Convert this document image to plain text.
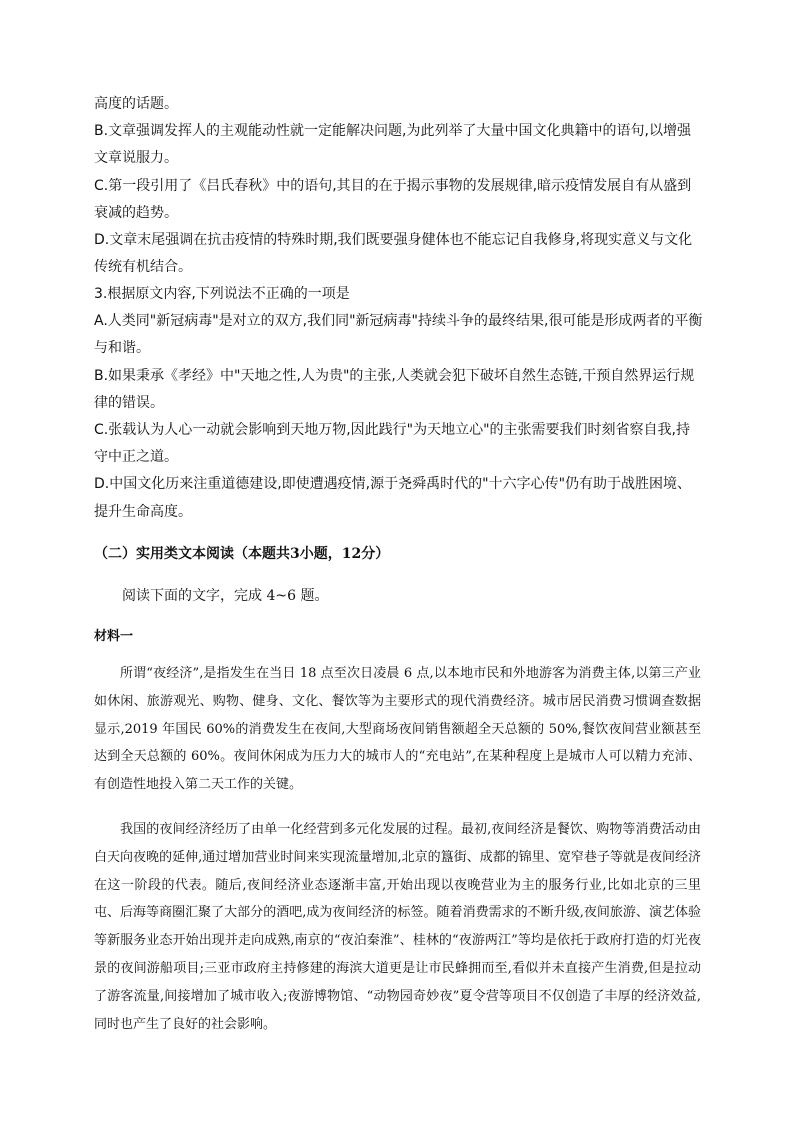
高度的话题。
B.文章强调发挥人的主观能动性就一定能解决问题,为此列举了大量中国文化典籍中的语句,以增强
文章说服力。
C.第一段引用了《吕氏春秋》中的语句,其目的在于揭示事物的发展规律,暗示疫情发展自有从盛到
衰减的趋势。
D.文章末尾强调在抗击疫情的特殊时期,我们既要强身健体也不能忘记自我修身,将现实意义与文化
传统有机结合。
3.根据原文内容,下列说法不正确的一项是
A.人类同"新冠病毒"是对立的双方,我们同"新冠病毒"持续斗争的最终结果,很可能是形成两者的平衡
与和谐。
B.如果秉承《孝经》中"天地之性,人为贵"的主张,人类就会犯下破坏自然生态链,干预自然界运行规
律的错误。
C.张载认为人心一动就会影响到天地万物,因此践行"为天地立心"的主张需要我们时刻省察自我,持
守中正之道。
D.中国文化历来注重道德建设,即使遭遇疫情,源于尧舜禹时代的"十六字心传"仍有助于战胜困境、
提升生命高度。

（二）实用类文本阅读（本题共3小题，12分）

阅读下面的文字，完成 4~6 题。

材料一

所谓“夜经济”,是指发生在当日 18 点至次日凌晨 6 点,以本地市民和外地游客为消费主体,以第三产业如休闲、旅游观光、购物、健身、文化、餐饮等为主要形式的现代消费经济。城市居民消费习惯调查数据显示,2019 年国民 60%的消费发生在夜间,大型商场夜间销售额超全天总额的 50%,餐饮夜间营业额甚至达到全天总额的 60%。夜间休闲成为压力大的城市人的“充电站”,在某种程度上是城市人可以精力充沛、有创造性地投入第二天工作的关键。
我国的夜间经济经历了由单一化经营到多元化发展的过程。最初,夜间经济是餐饮、购物等消费活动由白天向夜晚的延伸,通过增加营业时间来实现流量增加,北京的簋街、成都的锦里、宽窄巷子等就是夜间经济在这一阶段的代表。随后,夜间经济业态逐渐丰富,开始出现以夜晚营业为主的服务行业,比如北京的三里屯、后海等商圈汇聚了大部分的酒吧,成为夜间经济的标签。随着消费需求的不断升级,夜间旅游、演艺体验等新服务业态开始出现并走向成熟,南京的“夜泊秦淮”、桂林的“夜游两江”等均是依托于政府打造的灯光夜景的夜间游船项目;三亚市政府主持修建的海滨大道更是让市民蜂拥而至,看似并未直接产生消费,但是拉动了游客流量,间接增加了城市收入;夜游博物馆、“动物园奇妙夜”夏令营等项目不仅创造了丰厚的经济效益,同时也产生了良好的社会影响。
